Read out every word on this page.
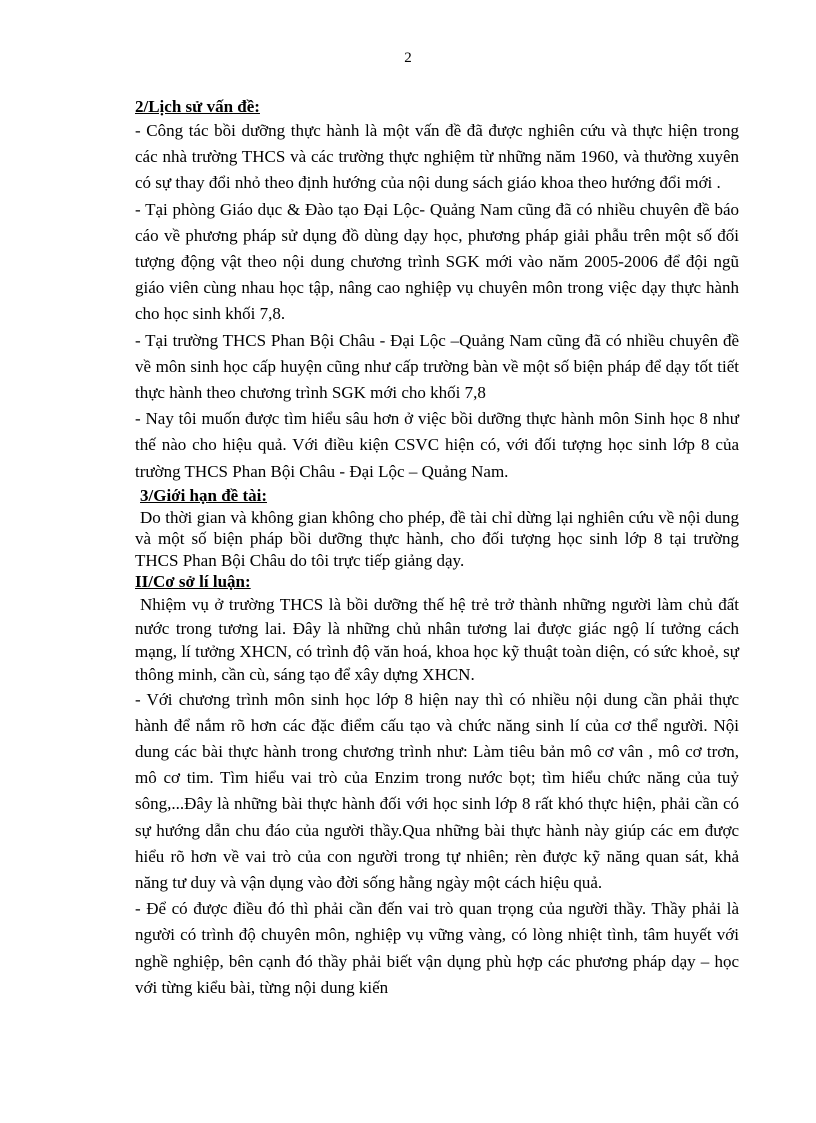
2
2/Lịch sử vấn đề:
- Công tác bồi dưỡng thực hành là một vấn đề đã được nghiên cứu và thực hiện trong các nhà trường THCS và các trường thực nghiệm từ những năm 1960, và thường xuyên có sự thay đổi nhỏ theo định hướng của nội dung sách giáo khoa theo hướng đổi mới .
- Tại phòng Giáo dục & Đào tạo Đại Lộc- Quảng Nam cũng đã có nhiều chuyên đề báo cáo về phương pháp sử dụng đồ dùng dạy học, phương pháp giải phẫu trên một số đối tượng động vật theo nội dung chương trình SGK mới vào năm 2005-2006 để đội ngũ giáo viên cùng nhau học tập, nâng cao nghiệp vụ chuyên môn trong việc dạy thực hành cho học sinh khối 7,8.
- Tại trường THCS Phan Bội Châu - Đại Lộc –Quảng Nam cũng đã có nhiều chuyên đề về môn sinh học cấp huyện cũng như cấp trường bàn về một số biện pháp để dạy tốt tiết thực hành theo chương trình SGK mới cho khối 7,8
- Nay tôi muốn được tìm hiểu sâu hơn ở việc bồi dưỡng thực hành môn Sinh học 8 như thế nào cho hiệu quả. Với điều kiện CSVC hiện có, với đối tượng học sinh lớp 8 của trường THCS Phan Bội Châu - Đại Lộc – Quảng Nam.
3/Giới hạn đề tài:
Do thời gian và không gian không cho phép, đề tài chỉ dừng lại nghiên cứu về nội dung và một số biện pháp bồi dưỡng thực hành, cho đối tượng học sinh lớp 8 tại trường THCS Phan Bội Châu do tôi trực tiếp giảng dạy.
II/Cơ sở lí luận:
Nhiệm vụ ở trường THCS là bồi dưỡng thế hệ trẻ trở thành những người làm chủ đất nước trong tương lai. Đây là những chủ nhân tương lai được giác ngộ lí tưởng cách mạng, lí tưởng XHCN, có trình độ văn hoá, khoa học kỹ thuật toàn diện, có sức khoẻ, sự thông minh, cần cù, sáng tạo để xây dựng XHCN.
- Với chương trình môn sinh học lớp 8 hiện nay thì có nhiều nội dung cần phải thực hành để nắm rõ hơn các đặc điểm cấu tạo và chức năng sinh lí của cơ thể người. Nội dung các bài thực hành trong chương trình như: Làm tiêu bản mô cơ vân , mô cơ trơn, mô cơ tim. Tìm hiểu vai trò của Enzim trong nước bọt; tìm hiểu chức năng của tuỷ sông,...Đây là những bài thực hành đối với học sinh lớp 8 rất khó thực hiện, phải cần có sự hướng dẫn chu đáo của người thầy.Qua những bài thực hành này giúp các em được hiểu rõ hơn về vai trò của con người trong tự nhiên; rèn được kỹ năng quan sát, khả năng tư duy và vận dụng vào đời sống hằng ngày một cách hiệu quả.
- Để có được điều đó thì phải cần đến vai trò quan trọng của người thầy. Thầy phải là người có trình độ chuyên môn, nghiệp vụ vững vàng, có lòng nhiệt tình, tâm huyết với nghề nghiệp, bên cạnh đó thầy phải biết vận dụng phù hợp các phương pháp dạy – học với từng kiểu bài, từng nội dung kiến
